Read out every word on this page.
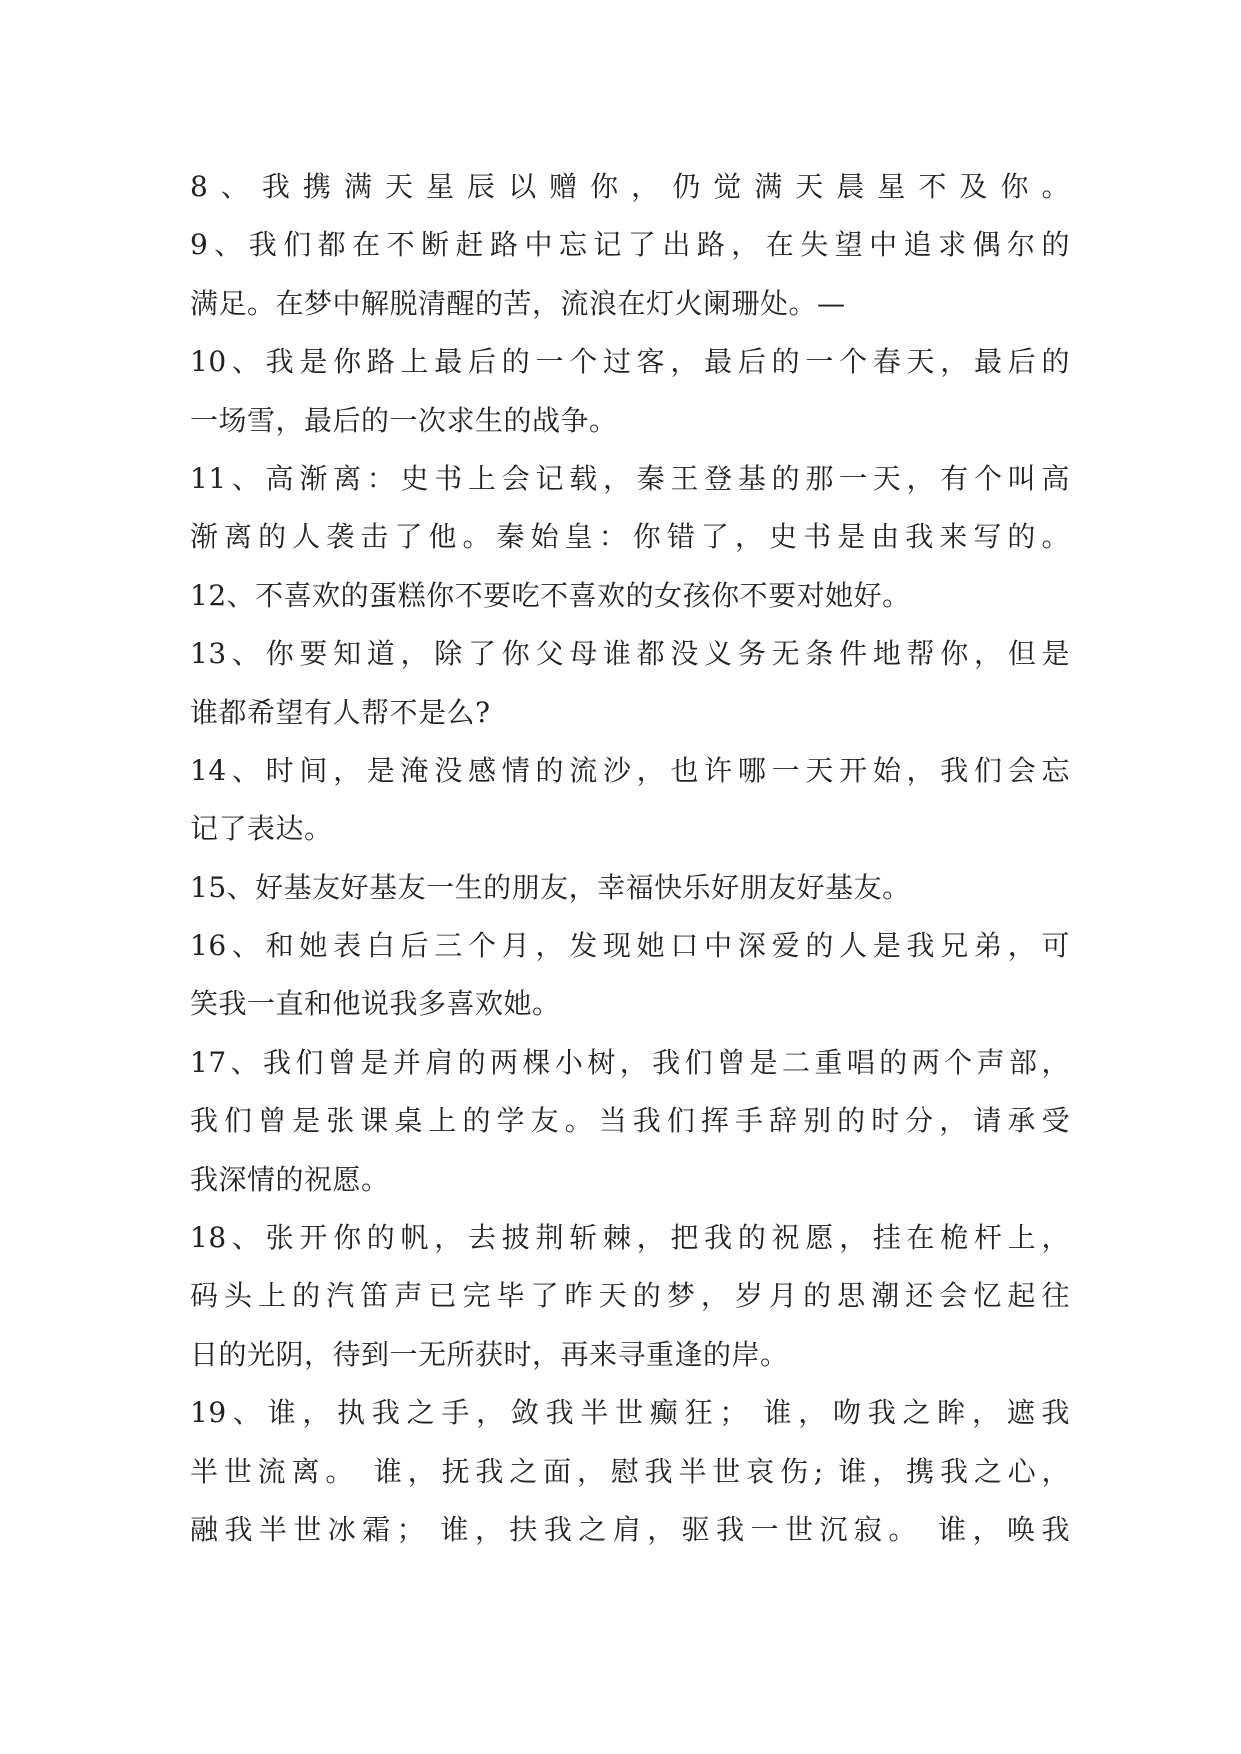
8、我携满天星辰以赠你，仍觉满天晨星不及你。
9、我们都在不断赶路中忘记了出路，在失望中追求偶尔的
满足。在梦中解脱清醒的苦，流浪在灯火阑珊处。—
10、我是你路上最后的一个过客，最后的一个春天，最后的
一场雪，最后的一次求生的战争。
11、高渐离：史书上会记载，秦王登基的那一天，有个叫高
渐离的人袭击了他。秦始皇：你错了，史书是由我来写的。
12、不喜欢的蛋糕你不要吃不喜欢的女孩你不要对她好。
13、你要知道，除了你父母谁都没义务无条件地帮你，但是
谁都希望有人帮不是么?
14、时间，是淹没感情的流沙，也许哪一天开始，我们会忘
记了表达。
15、好基友好基友一生的朋友，幸福快乐好朋友好基友。
16、和她表白后三个月，发现她口中深爱的人是我兄弟，可
笑我一直和他说我多喜欢她。
17、我们曾是并肩的两棵小树，我们曾是二重唱的两个声部，
我们曾是张课桌上的学友。当我们挥手辞别的时分，请承受
我深情的祝愿。
18、张开你的帆，去披荆斩棘，把我的祝愿，挂在桅杆上，
码头上的汽笛声已完毕了昨天的梦，岁月的思潮还会忆起往
日的光阴，待到一无所获时，再来寻重逢的岸。
19、谁，执我之手，敛我半世癫狂； 谁，吻我之眸，遮我
半世流离。 谁，抚我之面，慰我半世哀伤; 谁，携我之心，
融我半世冰霜； 谁，扶我之肩，驱我一世沉寂。 谁，唤我
